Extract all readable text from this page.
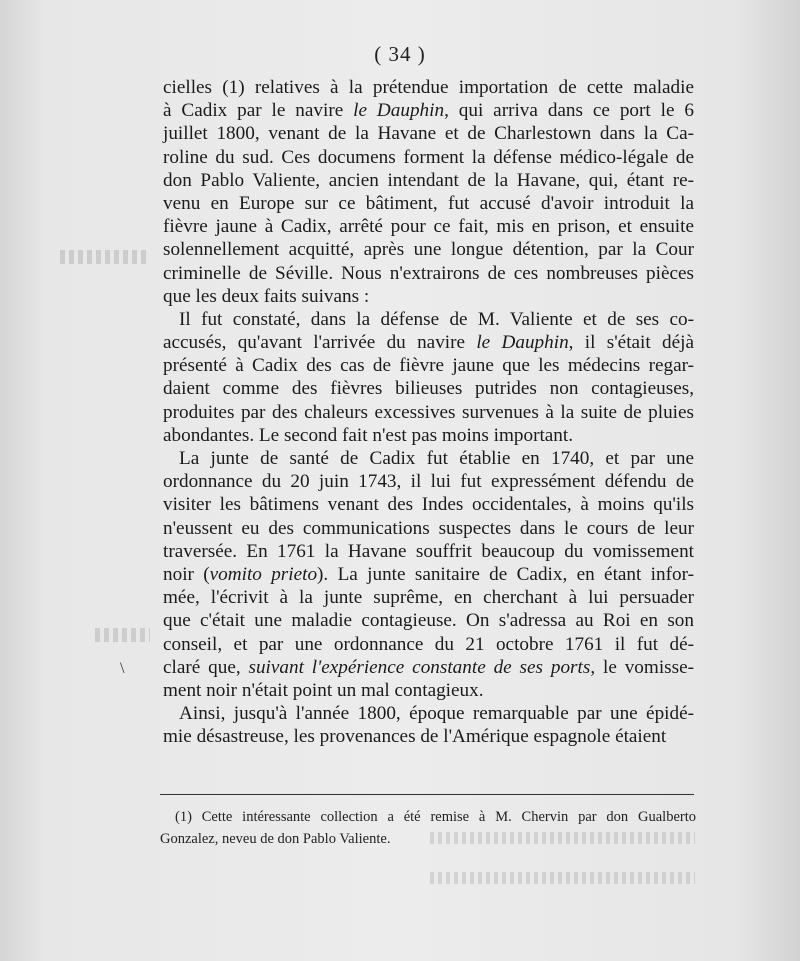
( 34 )
\
cielles (1) relatives à la prétendue importation de cette maladie
à Cadix par le navire le Dauphin, qui arriva dans ce port le 6
juillet 1800, venant de la Havane et de Charlestown dans la Ca-
roline du sud. Ces documens forment la défense médico-légale de
don Pablo Valiente, ancien intendant de la Havane, qui, étant re-
venu en Europe sur ce bâtiment, fut accusé d'avoir introduit la
fièvre jaune à Cadix, arrêté pour ce fait, mis en prison, et ensuite
solennellement acquitté, après une longue détention, par la Cour
criminelle de Séville. Nous n'extrairons de ces nombreuses pièces
que les deux faits suivans :
Il fut constaté, dans la défense de M. Valiente et de ses co-
accusés, qu'avant l'arrivée du navire le Dauphin, il s'était déjà
présenté à Cadix des cas de fièvre jaune que les médecins regar-
daient comme des fièvres bilieuses putrides non contagieuses,
produites par des chaleurs excessives survenues à la suite de pluies
abondantes. Le second fait n'est pas moins important.
La junte de santé de Cadix fut établie en 1740, et par une
ordonnance du 20 juin 1743, il lui fut expressément défendu de
visiter les bâtimens venant des Indes occidentales, à moins qu'ils
n'eussent eu des communications suspectes dans le cours de leur
traversée. En 1761 la Havane souffrit beaucoup du vomissement
noir (vomito prieto). La junte sanitaire de Cadix, en étant infor-
mée, l'écrivit à la junte suprême, en cherchant à lui persuader
que c'était une maladie contagieuse. On s'adressa au Roi en son
conseil, et par une ordonnance du 21 octobre 1761 il fut dé-
claré que, suivant l'expérience constante de ses ports, le vomisse-
ment noir n'était point un mal contagieux.
Ainsi, jusqu'à l'année 1800, époque remarquable par une épidé-
mie désastreuse, les provenances de l'Amérique espagnole étaient
(1) Cette intéressante collection a été remise à M. Chervin par don Gualberto
Gonzalez, neveu de don Pablo Valiente.
